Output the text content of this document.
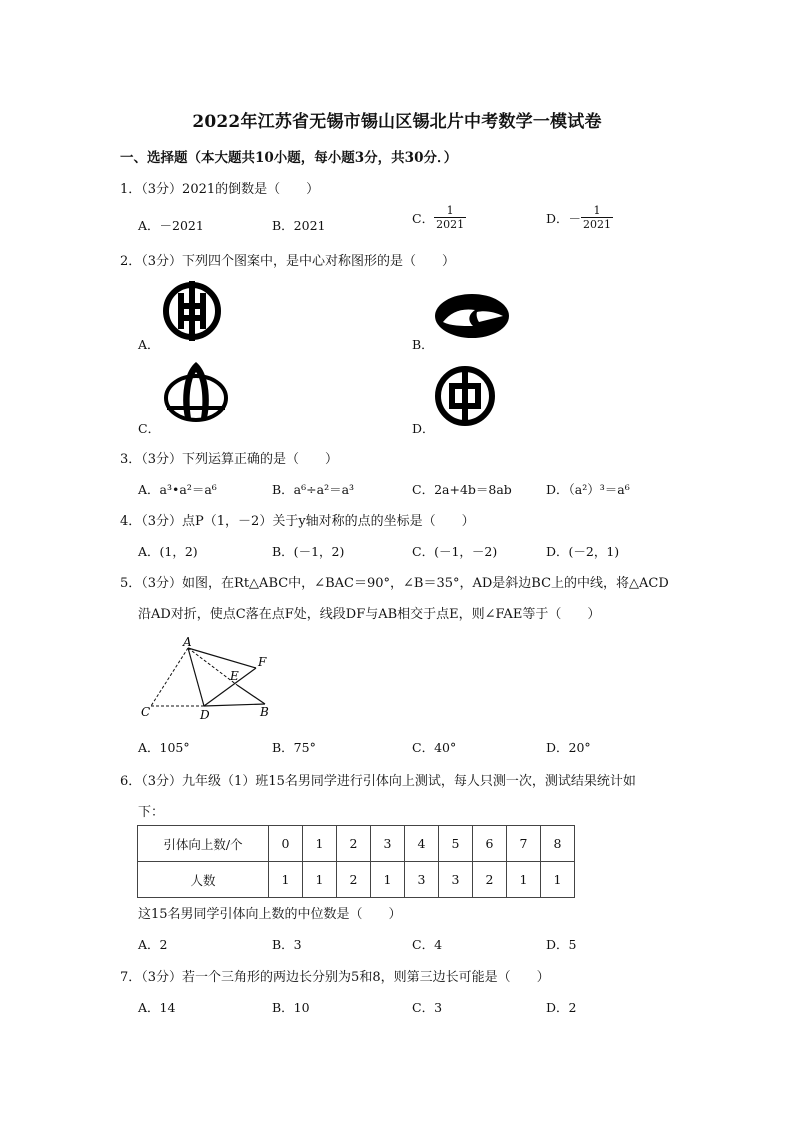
2022年江苏省无锡市锡山区锡北片中考数学一模试卷
一、选择题（本大题共10小题，每小题3分，共30分．）
1．（3分）2021的倒数是（　　）
A．－2021	B．2021	C． $\frac{1}{2021}$	D．－ $\frac{1}{2021}$
2．（3分）下列四个图案中，是中心对称图形的是（　　）
A．	B．
C．	D．
3．（3分）下列运算正确的是（　　）
A．a³•a²＝a⁶	B．a⁶÷a²＝a³	C．2a+4b＝8ab	D．（a²）³＝a⁶
4．（3分）点P（1，－2）关于y轴对称的点的坐标是（　　）
A．(1，2)	B．(－1，2)	C．(－1，－2)	D．(－2，1)
5．（3分）如图，在Rt△ABC中，∠BAC＝90°，∠B＝35°，AD是斜边BC上的中线，将△ACD
沿AD对折，使点C落在点F处，线段DF与AB相交于点E，则∠FAE等于（　　）
A
F
E
C	D	B
A．105°	B．75°	C．40°	D．20°
6．（3分）九年级（1）班15名男同学进行引体向上测试，每人只测一次，测试结果统计如
下：
引体向上数/个	0	1	2	3	4	5	6	7	8
人数	1	1	2	1	3	3	2	1	1
这15名男同学引体向上数的中位数是（　　）
A．2	B．3	C．4	D．5
7．（3分）若一个三角形的两边长分别为5和8，则第三边长可能是（　　）
A．14	B．10	C．3	D．2
